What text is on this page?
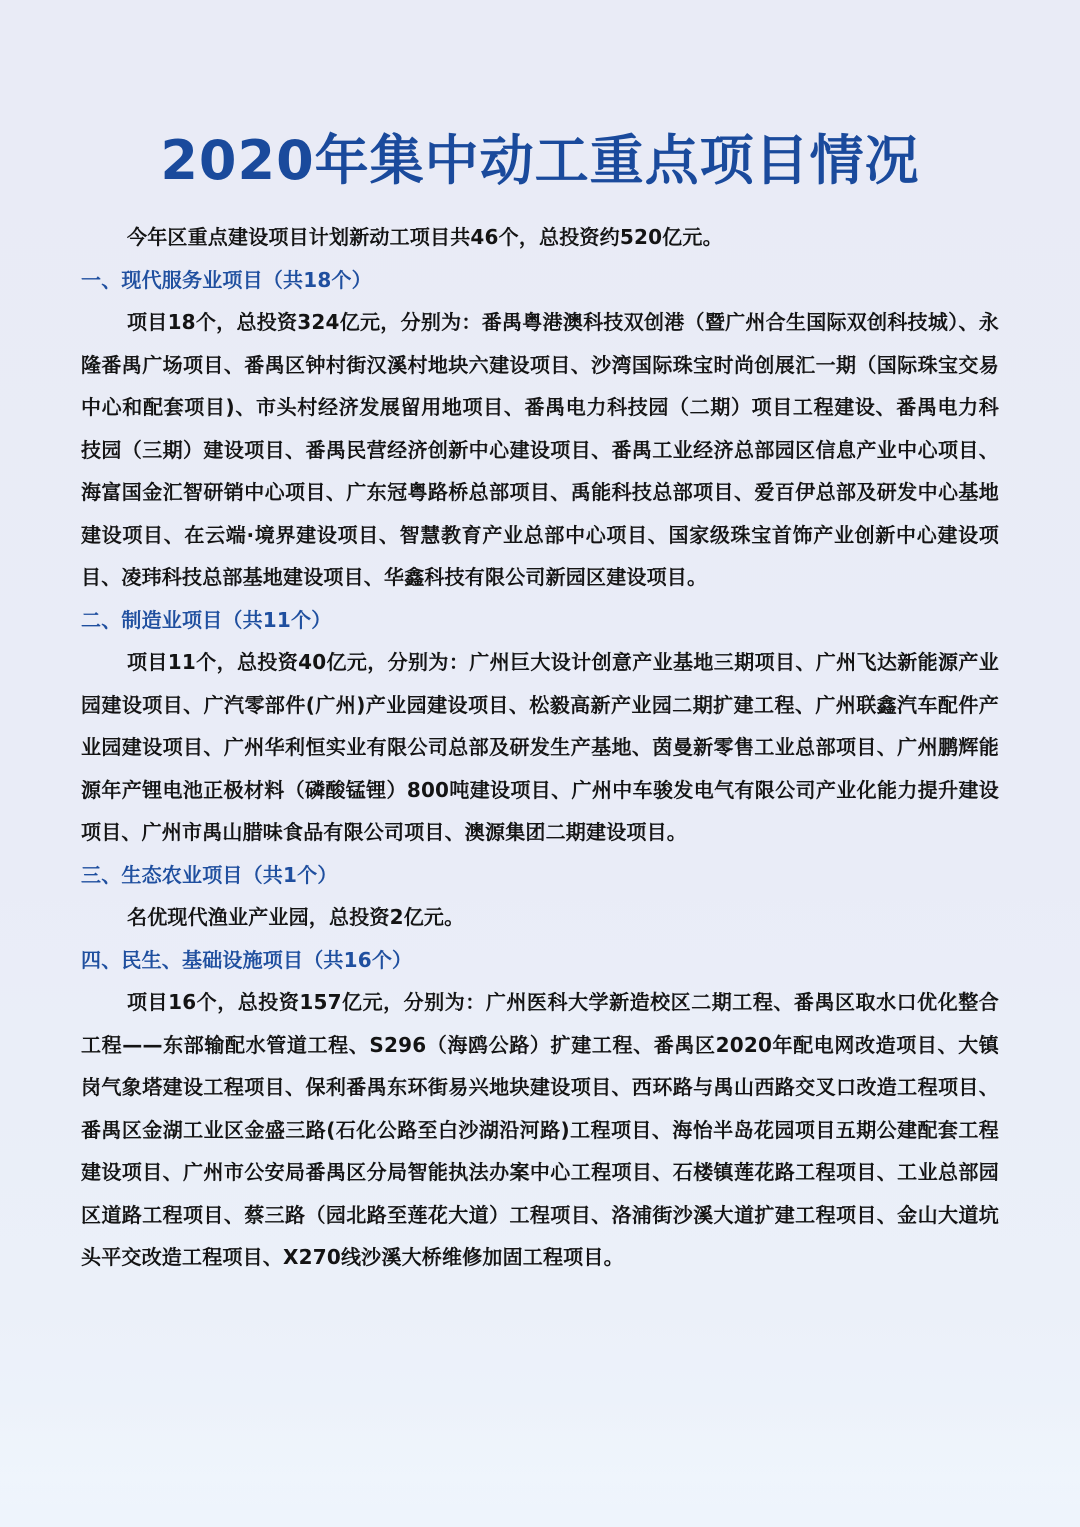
2020年集中动工重点项目情况

今年区重点建设项目计划新动工项目共46个，总投资约520亿元。

一、现代服务业项目（共18个）

项目18个，总投资324亿元，分别为：番禺粤港澳科技双创港（暨广州合生国际双创科技城）、永隆番禺广场项目、番禺区钟村街汉溪村地块六建设项目、沙湾国际珠宝时尚创展汇一期（国际珠宝交易中心和配套项目)、市头村经济发展留用地项目、番禺电力科技园（二期）项目工程建设、番禺电力科技园（三期）建设项目、番禺民营经济创新中心建设项目、番禺工业经济总部园区信息产业中心项目、海富国金汇智研销中心项目、广东冠粤路桥总部项目、禹能科技总部项目、爱百伊总部及研发中心基地建设项目、在云端·境界建设项目、智慧教育产业总部中心项目、国家级珠宝首饰产业创新中心建设项目、凌玮科技总部基地建设项目、华鑫科技有限公司新园区建设项目。

二、制造业项目（共11个）

项目11个，总投资40亿元，分别为：广州巨大设计创意产业基地三期项目、广州飞达新能源产业园建设项目、广汽零部件(广州)产业园建设项目、松毅高新产业园二期扩建工程、广州联鑫汽车配件产业园建设项目、广州华利恒实业有限公司总部及研发生产基地、茵曼新零售工业总部项目、广州鹏辉能源年产锂电池正极材料（磷酸锰锂）800吨建设项目、广州中车骏发电气有限公司产业化能力提升建设项目、广州市禺山腊味食品有限公司项目、澳源集团二期建设项目。

三、生态农业项目（共1个）

名优现代渔业产业园，总投资2亿元。

四、民生、基础设施项目（共16个）

项目16个，总投资157亿元，分别为：广州医科大学新造校区二期工程、番禺区取水口优化整合工程——东部输配水管道工程、S296（海鸥公路）扩建工程、番禺区2020年配电网改造项目、大镇岗气象塔建设工程项目、保利番禺东环街易兴地块建设项目、西环路与禺山西路交叉口改造工程项目、番禺区金湖工业区金盛三路(石化公路至白沙湖沿河路)工程项目、海怡半岛花园项目五期公建配套工程建设项目、广州市公安局番禺区分局智能执法办案中心工程项目、石楼镇莲花路工程项目、工业总部园区道路工程项目、蔡三路（园北路至莲花大道）工程项目、洛浦街沙溪大道扩建工程项目、金山大道坑头平交改造工程项目、X270线沙溪大桥维修加固工程项目。
